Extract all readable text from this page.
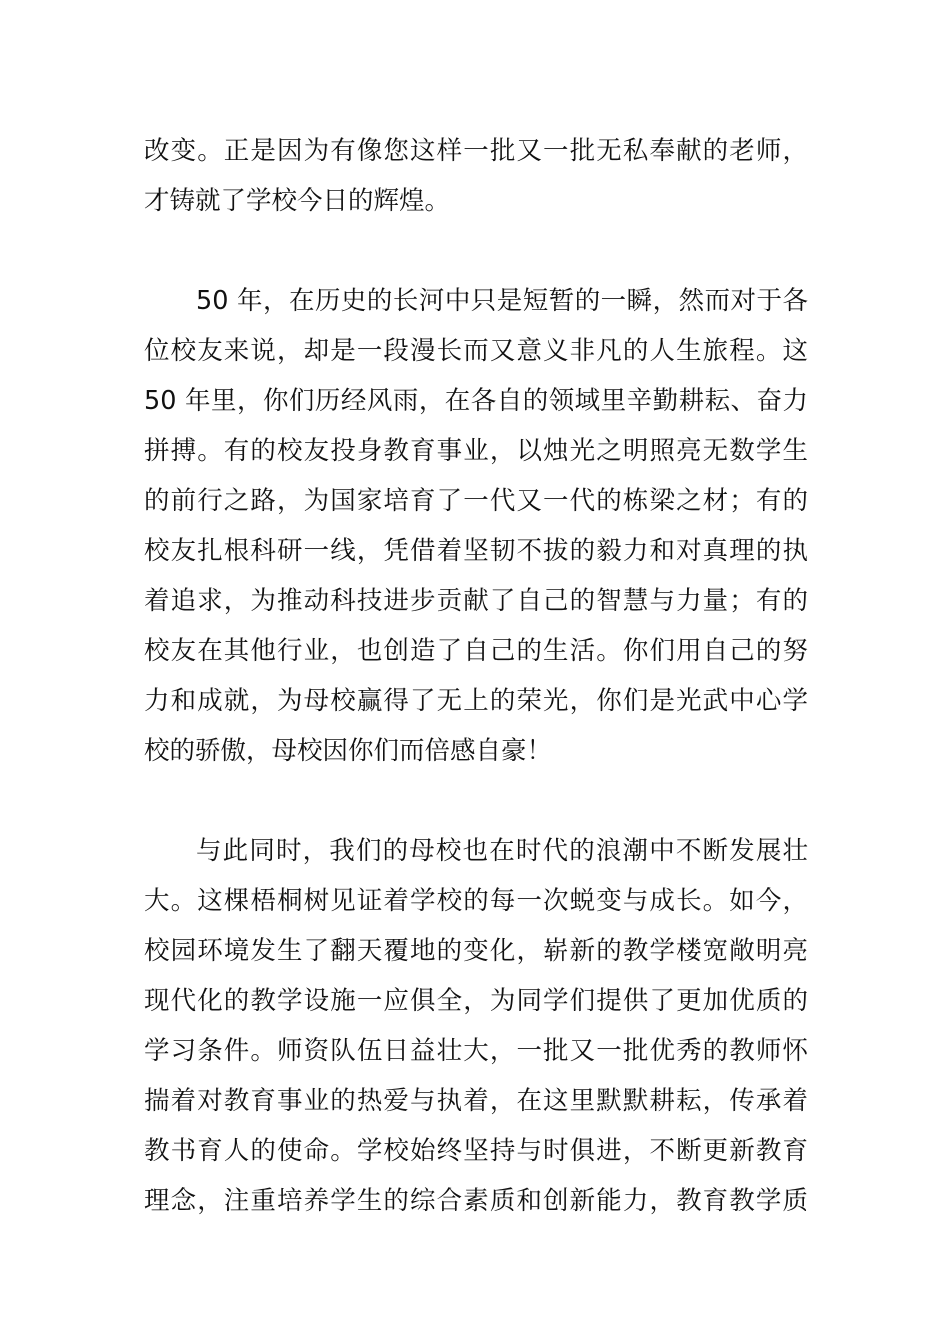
改变。正是因为有像您这样一批又一批无私奉献的老师，
才铸就了学校今日的辉煌。
50 年，在历史的长河中只是短暂的一瞬，然而对于各
位校友来说，却是一段漫长而又意义非凡的人生旅程。这
50 年里，你们历经风雨，在各自的领域里辛勤耕耘、奋力
拼搏。有的校友投身教育事业，以烛光之明照亮无数学生
的前行之路，为国家培育了一代又一代的栋梁之材；有的
校友扎根科研一线，凭借着坚韧不拔的毅力和对真理的执
着追求，为推动科技进步贡献了自己的智慧与力量；有的
校友在其他行业，也创造了自己的生活。你们用自己的努
力和成就，为母校赢得了无上的荣光，你们是光武中心学
校的骄傲，母校因你们而倍感自豪！
与此同时，我们的母校也在时代的浪潮中不断发展壮
大。这棵梧桐树见证着学校的每一次蜕变与成长。如今，
校园环境发生了翻天覆地的变化，崭新的教学楼宽敞明亮
现代化的教学设施一应俱全，为同学们提供了更加优质的
学习条件。师资队伍日益壮大，一批又一批优秀的教师怀
揣着对教育事业的热爱与执着，在这里默默耕耘，传承着
教书育人的使命。学校始终坚持与时俱进，不断更新教育
理念，注重培养学生的综合素质和创新能力，教育教学质
